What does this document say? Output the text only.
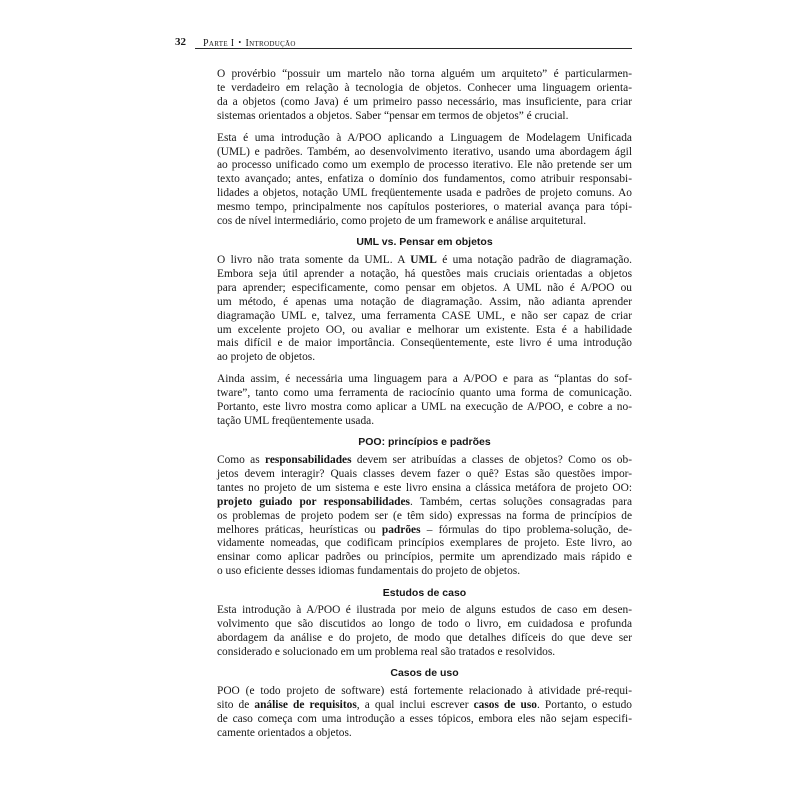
32 Parte I • Introdução
O provérbio “possuir um martelo não torna alguém um arquiteto” é particularmen-
te verdadeiro em relação à tecnologia de objetos. Conhecer uma linguagem orienta-
da a objetos (como Java) é um primeiro passo necessário, mas insuficiente, para criar
sistemas orientados a objetos. Saber “pensar em termos de objetos” é crucial.
Esta é uma introdução à A/POO aplicando a Linguagem de Modelagem Unificada
(UML) e padrões. Também, ao desenvolvimento iterativo, usando uma abordagem ágil
ao processo unificado como um exemplo de processo iterativo. Ele não pretende ser um
texto avançado; antes, enfatiza o domínio dos fundamentos, como atribuir responsabi-
lidades a objetos, notação UML freqüentemente usada e padrões de projeto comuns. Ao
mesmo tempo, principalmente nos capítulos posteriores, o material avança para tópi-
cos de nível intermediário, como projeto de um framework e análise arquitetural.
UML vs. Pensar em objetos
O livro não trata somente da UML. A UML é uma notação padrão de diagramação.
Embora seja útil aprender a notação, há questões mais cruciais orientadas a objetos
para aprender; especificamente, como pensar em objetos. A UML não é A/POO ou
um método, é apenas uma notação de diagramação. Assim, não adianta aprender
diagramação UML e, talvez, uma ferramenta CASE UML, e não ser capaz de criar
um excelente projeto OO, ou avaliar e melhorar um existente. Esta é a habilidade
mais difícil e de maior importância. Conseqüentemente, este livro é uma introdução
ao projeto de objetos.
Ainda assim, é necessária uma linguagem para a A/POO e para as “plantas do sof-
tware”, tanto como uma ferramenta de raciocínio quanto uma forma de comunicação.
Portanto, este livro mostra como aplicar a UML na execução de A/POO, e cobre a no-
tação UML freqüentemente usada.
POO: princípios e padrões
Como as responsabilidades devem ser atribuídas a classes de objetos? Como os ob-
jetos devem interagir? Quais classes devem fazer o quê? Estas são questões impor-
tantes no projeto de um sistema e este livro ensina a clássica metáfora de projeto OO:
projeto guiado por responsabilidades. Também, certas soluções consagradas para
os problemas de projeto podem ser (e têm sido) expressas na forma de princípios de
melhores práticas, heurísticas ou padrões – fórmulas do tipo problema-solução, de-
vidamente nomeadas, que codificam princípios exemplares de projeto. Este livro, ao
ensinar como aplicar padrões ou princípios, permite um aprendizado mais rápido e
o uso eficiente desses idiomas fundamentais do projeto de objetos.
Estudos de caso
Esta introdução à A/POO é ilustrada por meio de alguns estudos de caso em desen-
volvimento que são discutidos ao longo de todo o livro, em cuidadosa e profunda
abordagem da análise e do projeto, de modo que detalhes difíceis do que deve ser
considerado e solucionado em um problema real são tratados e resolvidos.
Casos de uso
POO (e todo projeto de software) está fortemente relacionado à atividade pré-requi-
sito de análise de requisitos, a qual inclui escrever casos de uso. Portanto, o estudo
de caso começa com uma introdução a esses tópicos, embora eles não sejam especifi-
camente orientados a objetos.
